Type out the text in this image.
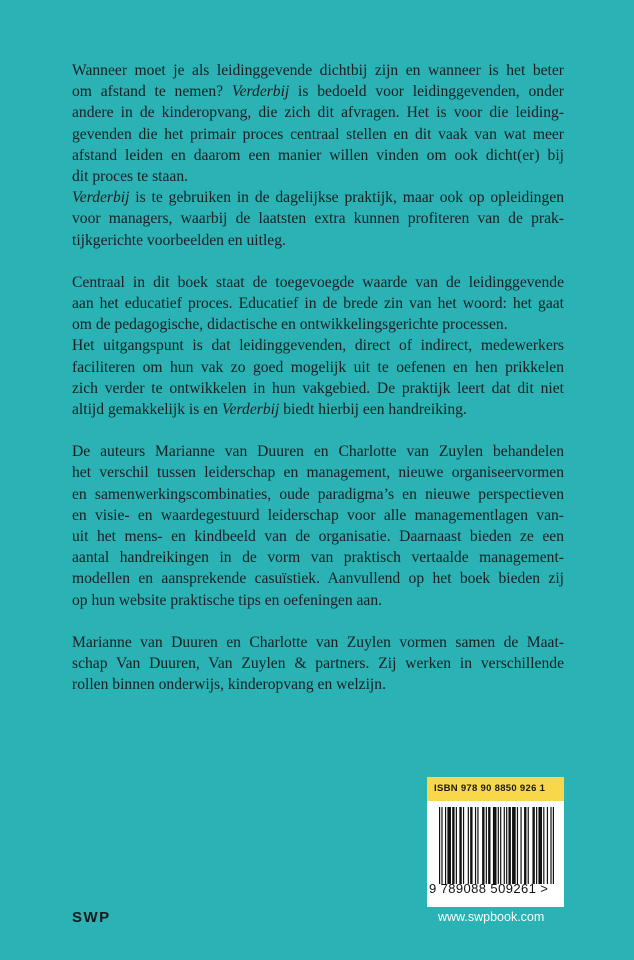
Wanneer moet je als leidinggevende dichtbij zijn en wanneer is het beter
om afstand te nemen? Verderbij is bedoeld voor leidinggevenden, onder
andere in de kinderopvang, die zich dit afvragen. Het is voor die leiding-
gevenden die het primair proces centraal stellen en dit vaak van wat meer
afstand leiden en daarom een manier willen vinden om ook dicht(er) bij
dit proces te staan.
Verderbij is te gebruiken in de dagelijkse praktijk, maar ook op opleidingen
voor managers, waarbij de laatsten extra kunnen profiteren van de prak-
tijkgerichte voorbeelden en uitleg.
Centraal in dit boek staat de toegevoegde waarde van de leidinggevende
aan het educatief proces. Educatief in de brede zin van het woord: het gaat
om de pedagogische, didactische en ontwikkelingsgerichte processen.
Het uitgangspunt is dat leidinggevenden, direct of indirect, medewerkers
faciliteren om hun vak zo goed mogelijk uit te oefenen en hen prikkelen
zich verder te ontwikkelen in hun vakgebied. De praktijk leert dat dit niet
altijd gemakkelijk is en Verderbij biedt hierbij een handreiking.
De auteurs Marianne van Duuren en Charlotte van Zuylen behandelen
het verschil tussen leiderschap en management, nieuwe organiseervormen
en samenwerkingscombinaties, oude paradigma’s en nieuwe perspectieven
en visie- en waardegestuurd leiderschap voor alle managementlagen van-
uit het mens- en kindbeeld van de organisatie. Daarnaast bieden ze een
aantal handreikingen in de vorm van praktisch vertaalde management-
modellen en aansprekende casuïstiek. Aanvullend op het boek bieden zij
op hun website praktische tips en oefeningen aan.
Marianne van Duuren en Charlotte van Zuylen vormen samen de Maat-
schap Van Duuren, Van Zuylen & partners. Zij werken in verschillende
rollen binnen onderwijs, kinderopvang en welzijn.
ISBN 978 90 8850 926 1
9 789088 509261 >
SWP	www.swpbook.com
